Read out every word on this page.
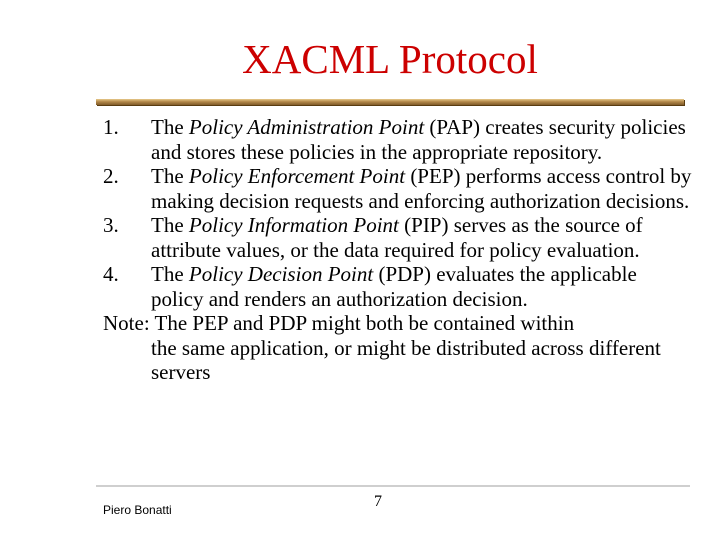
XACML Protocol
1.	The Policy Administration Point (PAP) creates security policies and stores these policies in the appropriate repository.
2.	The Policy Enforcement Point (PEP) performs access control by making decision requests and enforcing authorization decisions.
3.	The Policy Information Point (PIP) serves as the source of attribute values, or the data required for policy evaluation.
4.	The Policy Decision Point (PDP) evaluates the applicable policy and renders an authorization decision.
Note: The PEP and PDP might both be contained within
the same application, or might be distributed across different servers
Piero Bonatti	7
